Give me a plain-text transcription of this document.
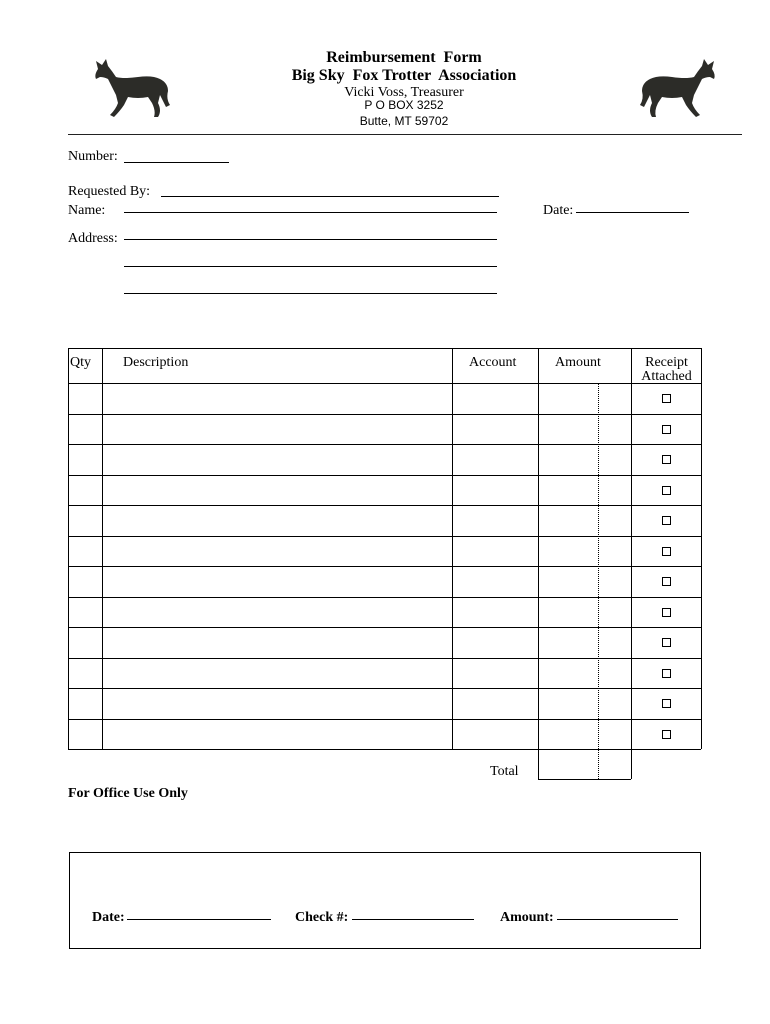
Reimbursement  Form
Big Sky  Fox Trotter  Association
Vicki Voss, Treasurer
P O BOX 3252
Butte, MT 59702
Number:
Requested By:
Name:	Date:
Address:
Qty Description	Account	Amount	Receipt
Attached
Total
For Office Use Only
Date:	Check #:	Amount:
